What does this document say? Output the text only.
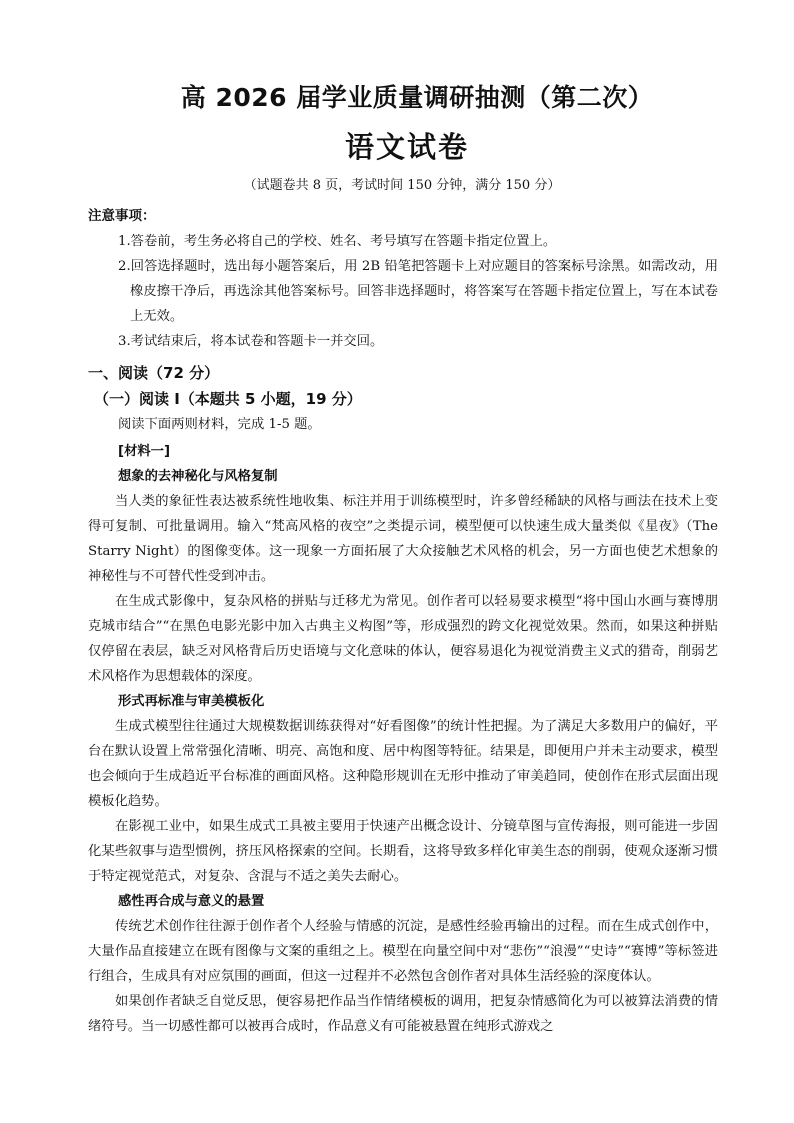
高 2026 届学业质量调研抽测（第二次）
语文试卷
（试题卷共 8 页，考试时间 150 分钟，满分 150 分）
注意事项：
1.答卷前，考生务必将自己的学校、姓名、考号填写在答题卡指定位置上。
2.回答选择题时，选出每小题答案后，用 2B 铅笔把答题卡上对应题目的答案标号涂黑。如需改动，用橡皮擦干净后，再选涂其他答案标号。回答非选择题时，将答案写在答题卡指定位置上，写在本试卷上无效。
3.考试结束后，将本试卷和答题卡一并交回。
一、阅读（72 分）
（一）阅读 I（本题共 5 小题，19 分）
阅读下面两则材料，完成 1-5 题。
[材料一]
想象的去神秘化与风格复制
当人类的象征性表达被系统性地收集、标注并用于训练模型时，许多曾经稀缺的风格与画法在技术上变得可复制、可批量调用。输入“梵高风格的夜空”之类提示词，模型便可以快速生成大量类似《星夜》（The Starry Night）的图像变体。这一现象一方面拓展了大众接触艺术风格的机会，另一方面也使艺术想象的神秘性与不可替代性受到冲击。
在生成式影像中，复杂风格的拼贴与迁移尤为常见。创作者可以轻易要求模型“将中国山水画与赛博朋克城市结合”“在黑色电影光影中加入古典主义构图”等，形成强烈的跨文化视觉效果。然而，如果这种拼贴仅停留在表层，缺乏对风格背后历史语境与文化意味的体认，便容易退化为视觉消费主义式的猎奇，削弱艺术风格作为思想载体的深度。
形式再标准与审美模板化
生成式模型往往通过大规模数据训练获得对“好看图像”的统计性把握。为了满足大多数用户的偏好，平台在默认设置上常常强化清晰、明亮、高饱和度、居中构图等特征。结果是，即便用户并未主动要求，模型也会倾向于生成趋近平台标准的画面风格。这种隐形规训在无形中推动了审美趋同，使创作在形式层面出现模板化趋势。
在影视工业中，如果生成式工具被主要用于快速产出概念设计、分镜草图与宣传海报，则可能进一步固化某些叙事与造型惯例，挤压风格探索的空间。长期看，这将导致多样化审美生态的削弱，使观众逐渐习惯于特定视觉范式，对复杂、含混与不适之美失去耐心。
感性再合成与意义的悬置
传统艺术创作往往源于创作者个人经验与情感的沉淀，是感性经验再输出的过程。而在生成式创作中，大量作品直接建立在既有图像与文案的重组之上。模型在向量空间中对“悲伤”“浪漫”“史诗”“赛博”等标签进行组合，生成具有对应氛围的画面，但这一过程并不必然包含创作者对具体生活经验的深度体认。
如果创作者缺乏自觉反思，便容易把作品当作情绪模板的调用，把复杂情感简化为可以被算法消费的情绪符号。当一切感性都可以被再合成时，作品意义有可能被悬置在纯形式游戏之
